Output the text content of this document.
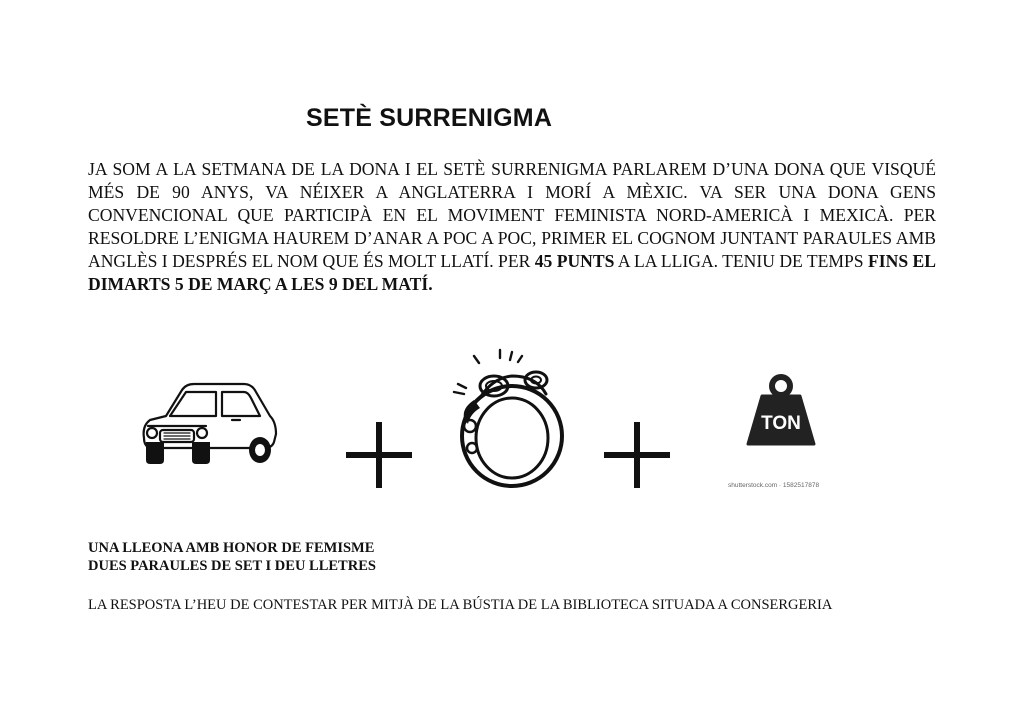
SETÈ SURRENIGMA

JA SOM A LA SETMANA DE LA DONA I EL SETÈ SURRENIGMA PARLAREM D’UNA DONA QUE VISQUÉ MÉS DE 90 ANYS, VA NÉIXER A ANGLATERRA I MORÍ A MÈXIC. VA SER UNA DONA GENS CONVENCIONAL QUE PARTICIPÀ EN EL MOVIMENT FEMINISTA NORD-AMERICÀ I MEXICÀ. PER RESOLDRE L’ENIGMA HAUREM D’ANAR A POC A POC, PRIMER EL COGNOM JUNTANT PARAULES AMB ANGLÈS I DESPRÉS EL NOM QUE ÉS MOLT LLATÍ. PER 45 PUNTS A LA LLIGA. TENIU DE TEMPS FINS EL DIMARTS 5 DE MARÇ A LES 9 DEL MATÍ.

TON
shutterstock.com · 1582517878
UNA LLEONA AMB HONOR DE FEMISME
DUES PARAULES DE SET I DEU LLETRES
LA RESPOSTA L’HEU DE CONTESTAR PER MITJÀ DE LA BÚSTIA DE LA BIBLIOTECA SITUADA A CONSERGERIA
